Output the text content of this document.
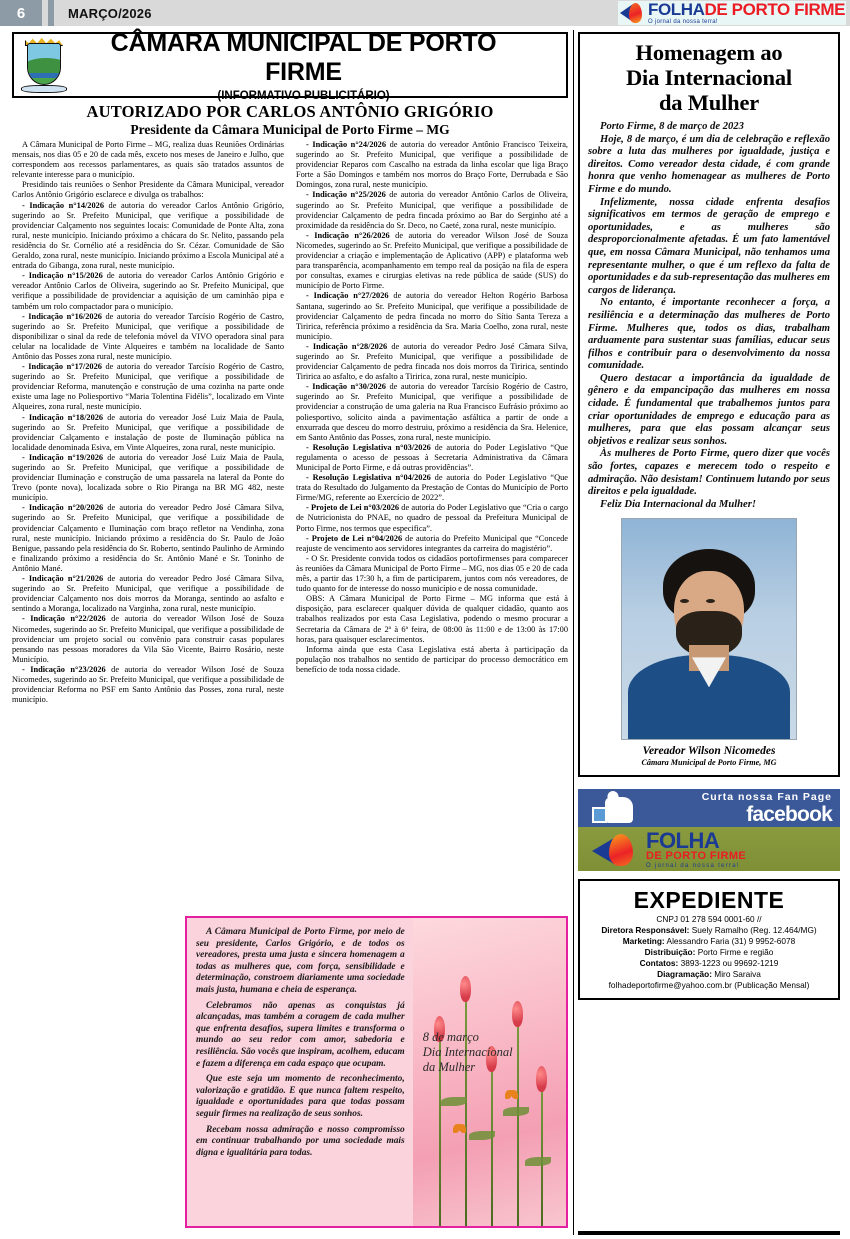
6	MARÇO/2026	FOLHADE PORTO FIRME
O jornal da nossa terra!
CÂMARA MUNICIPAL DE PORTO FIRME
(INFORMATIVO PUBLICITÁRIO)
AUTORIZADO POR CARLOS ANTÔNIO GRIGÓRIO
Presidente da Câmara Municipal de Porto Firme – MG

A Câmara Municipal de Porto Firme – MG, realiza duas Reuniões Ordinárias mensais, nos dias 05 e 20 de cada mês, exceto nos meses de Janeiro e Julho, que correspondem aos recessos parlamentares, as quais são tratados assuntos de relevante interesse para o município.

Presidindo tais reuniões o Senhor Presidente da Câmara Municipal, vereador Carlos Antônio Grigório esclarece e divulga os trabalhos:

- Indicação n°14/2026 de autoria do vereador Carlos Antônio Grigório, sugerindo ao Sr. Prefeito Municipal, que verifique a possibilidade de providenciar Calçamento nos seguintes locais: Comunidade de Ponte Alta, zona rural, neste município. Iniciando próximo a chácara do Sr. Nelito, passando pela residência do Sr. Cornélio até a residência do Sr. Cézar. Comunidade de São Geraldo, zona rural, neste município. Iniciando próximo a Escola Municipal até a entrada do Gibanga, zona rural, neste município.

- Indicação n°15/2026 de autoria do vereador Carlos Antônio Grigório e vereador Antônio Carlos de Oliveira, sugerindo ao Sr. Prefeito Municipal, que verifique a possibilidade de providenciar a aquisição de um caminhão pipa e também um rolo compactador para o município.

- Indicação n°16/2026 de autoria do vereador Tarcísio Rogério de Castro, sugerindo ao Sr. Prefeito Municipal, que verifique a possibilidade de disponibilizar o sinal da rede de telefonia móvel da VIVO operadora sinal para celular na localidade de Vinte Alqueires e também na localidade de Santo Antônio das Posses zona rural, neste município.

- Indicação n°17/2026 de autoria do vereador Tarcísio Rogério de Castro, sugerindo ao Sr. Prefeito Municipal, que verifique a possibilidade de providenciar Reforma, manutenção e construção de uma cozinha na parte onde existe uma lage no Poliesportivo “Maria Tolentina Fidélis”, localizado em Vinte Alqueires, zona rural, neste município.

- Indicação n°18/2026 de autoria do vereador José Luiz Maia de Paula, sugerindo ao Sr. Prefeito Municipal, que verifique a possibilidade de providenciar Calçamento e instalação de poste de Iluminação pública na localidade denominada Esiva, em Vinte Alqueires, zona rural, neste município.

- Indicação n°19/2026 de autoria do vereador José Luiz Maia de Paula, sugerindo ao Sr. Prefeito Municipal, que verifique a possibilidade de providenciar Iluminação e construção de uma passarela na lateral da Ponte do Trevo (ponte nova), localizada sobre o Rio Piranga na BR MG 482, neste município.

- Indicação n°20/2026 de autoria do vereador Pedro José Câmara Silva, sugerindo ao Sr. Prefeito Municipal, que verifique a possibilidade de providenciar Calçamento e Iluminação com braço refletor na Vendinha, zona rural, neste município. Iniciando próximo a residência do Sr. Paulo de João Benigue, passando pela residência do Sr. Roberto, sentindo Paulinho de Armindo e finalizando próximo a residência do Sr. Antônio Mané e Sr. Toninho de Antônio Mané.

- Indicação n°21/2026 de autoria do vereador Pedro José Câmara Silva, sugerindo ao Sr. Prefeito Municipal, que verifique a possibilidade de providenciar Calçamento nos dois morros da Moranga, sentindo ao asfalto e sentindo a Moranga, localizado na Varginha, zona rural, neste município.

- Indicação n°22/2026 de autoria do vereador Wilson José de Souza Nicomedes, sugerindo ao Sr. Prefeito Municipal, que verifique a possibilidade de providenciar um projeto social ou convênio para construir casas populares pensando nas pessoas moradores da Vila São Vicente, Bairro Rosário, neste Município.

- Indicação n°23/2026 de autoria do vereador Wilson José de Souza Nicomedes, sugerindo ao Sr. Prefeito Municipal, que verifique a possibilidade de providenciar Reforma no PSF em Santo Antônio das Posses, zona rural, neste município.

- Indicação n°24/2026 de autoria do vereador Antônio Francisco Teixeira, sugerindo ao Sr. Prefeito Municipal, que verifique a possibilidade de providenciar Reparos com Cascalho na estrada da linha escolar que liga Braço Forte a São Domingos e também nos morros do Braço Forte, Derrubada e São Domingos, zona rural, neste município.

- Indicação n°25/2026 de autoria do vereador Antônio Carlos de Oliveira, sugerindo ao Sr. Prefeito Municipal, que verifique a possibilidade de providenciar Calçamento de pedra fincada próximo ao Bar do Serginho até a proximidade da residência do Sr. Deco, no Caeté, zona rural, neste município.

- Indicação n°26/2026 de autoria do vereador Wilson José de Souza Nicomedes, sugerindo ao Sr. Prefeito Municipal, que verifique a possibilidade de providenciar a criação e implementação de Aplicativo (APP) e plataforma web para transparência, acompanhamento em tempo real da posição na fila de espera por consultas, exames e cirurgias eletivas na rede pública de saúde (SUS) do município de Porto Firme.

- Indicação n°27/2026 de autoria do vereador Helton Rogério Barbosa Santana, sugerindo ao Sr. Prefeito Municipal, que verifique a possibilidade de providenciar Calçamento de pedra fincada no morro do Sítio Santa Tereza a Tiririca, referência próximo a residência da Sra. Maria Coelho, zona rural, neste município.

- Indicação n°28/2026 de autoria do vereador Pedro José Câmara Silva, sugerindo ao Sr. Prefeito Municipal, que verifique a possibilidade de providenciar Calçamento de pedra fincada nos dois morros da Tiririca, sentindo Tiririca ao asfalto, e do asfalto a Tiririca, zona rural, neste município.

- Indicação n°30/2026 de autoria do vereador Tarcísio Rogério de Castro, sugerindo ao Sr. Prefeito Municipal, que verifique a possibilidade de providenciar a construção de uma galeria na Rua Francisco Eufrásio próximo ao poliesportivo, solicito ainda a pavimentação asfáltica a partir de onde a enxurrada que desceu do morro destruiu, próximo a residência da Sra. Helenice, em Santo Antônio das Posses, zona rural, neste município.

- Resolução Legislativa n°03/2026 de autoria do Poder Legislativo “Que regulamenta o acesso de pessoas à Secretaria Administrativa da Câmara Municipal de Porto Firme, e dá outras providências”.

- Resolução Legislativa n°04/2026 de autoria do Poder Legislativo “Que trata do Resultado do Julgamento da Prestação de Contas do Município de Porto Firme/MG, referente ao Exercício de 2022”.

- Projeto de Lei n°03/2026 de autoria do Poder Legislativo que “Cria o cargo de Nutricionista do PNAE, no quadro de pessoal da Prefeitura Municipal de Porto Firme, nos termos que especifica”.

- Projeto de Lei n°04/2026 de autoria do Prefeito Municipal que “Concede reajuste de vencimento aos servidores integrantes da carreira do magistério”.

- O Sr. Presidente convida todos os cidadãos portofirmenses para comparecer às reuniões da Câmara Municipal de Porto Firme – MG, nos dias 05 e 20 de cada mês, a partir das 17:30 h, a fim de participarem, juntos com nós vereadores, de tudo quanto for de interesse do nosso município e de nossa comunidade.

OBS: A Câmara Municipal de Porto Firme – MG informa que está à disposição, para esclarecer qualquer dúvida de qualquer cidadão, quanto aos trabalhos realizados por esta Casa Legislativa, podendo o mesmo procurar a Secretaria da Câmara de 2ª à 6ª feira, de 08:00 às 11:00 e de 13:00 às 17:00 horas, para quaisquer esclarecimentos.

Informa ainda que esta Casa Legislativa está aberta à participação da população nos trabalhos no sentido de participar do processo democrático em benefício de toda nossa cidade.

A Câmara Municipal de Porto Firme, por meio de seu presidente, Carlos Grigório, e de todos os vereadores, presta uma justa e sincera homenagem a todas as mulheres que, com força, sensibilidade e determinação, constroem diariamente uma sociedade mais justa, humana e cheia de esperança.

Celebramos não apenas as conquistas já alcançadas, mas também a coragem de cada mulher que enfrenta desafios, supera limites e transforma o mundo ao seu redor com amor, sabedoria e resiliência. São vocês que inspiram, acolhem, educam e fazem a diferença em cada espaço que ocupam.

Que este seja um momento de reconhecimento, valorização e gratidão. E que nunca faltem respeito, igualdade e oportunidades para que todas possam seguir firmes na realização de seus sonhos.

Recebam nossa admiração e nosso compromisso em continuar trabalhando por uma sociedade mais digna e igualitária para todas.

8 de março
Dia Internacional
da Mulher
Homenagem ao
Dia Internacional
da Mulher

Porto Firme, 8 de março de 2023

Hoje, 8 de março, é um dia de celebração e reflexão sobre a luta das mulheres por igualdade, justiça e direitos. Como vereador desta cidade, é com grande honra que venho homenagear as mulheres de Porto Firme e do mundo.

Infelizmente, nossa cidade enfrenta desafios significativos em termos de geração de emprego e oportunidades, e as mulheres são desproporcionalmente afetadas. É um fato lamentável que, em nossa Câmara Municipal, não tenhamos uma representante mulher, o que é um reflexo da falta de oportunidades e da sub-representação das mulheres em cargos de liderança.

No entanto, é importante reconhecer a força, a resiliência e a determinação das mulheres de Porto Firme. Mulheres que, todos os dias, trabalham arduamente para sustentar suas famílias, educar seus filhos e contribuir para o desenvolvimento da nossa comunidade.

Quero destacar a importância da igualdade de gênero e da empancipação das mulheres em nossa cidade. É fundamental que trabalhemos juntos para criar oportunidades de emprego e educação para as mulheres, para que elas possam alcançar seus objetivos e realizar seus sonhos.

Às mulheres de Porto Firme, quero dizer que vocês são fortes, capazes e merecem todo o respeito e admiração. Não desistam! Continuem lutando por seus direitos e pela igualdade.

Feliz Dia Internacional da Mulher!

Vereador Wilson Nicomedes
Câmara Municipal de Porto Firme, MG
Curta nossa Fan Page
facebook
FOLHA
DE PORTO FIRME
O jornal da nossa terra!
EXPEDIENTE
CNPJ 01 278 594 0001-60 //
Diretora Responsável: Suely Ramalho (Reg. 12.464/MG)
Marketing: Alessandro Faria (31) 9 9952-6078
Distribuição: Porto Firme e região
Contatos: 3893-1223 ou 99692-1219
Diagramação: Miro Saraiva
folhadeportofirme@yahoo.com.br (Publicação Mensal)
